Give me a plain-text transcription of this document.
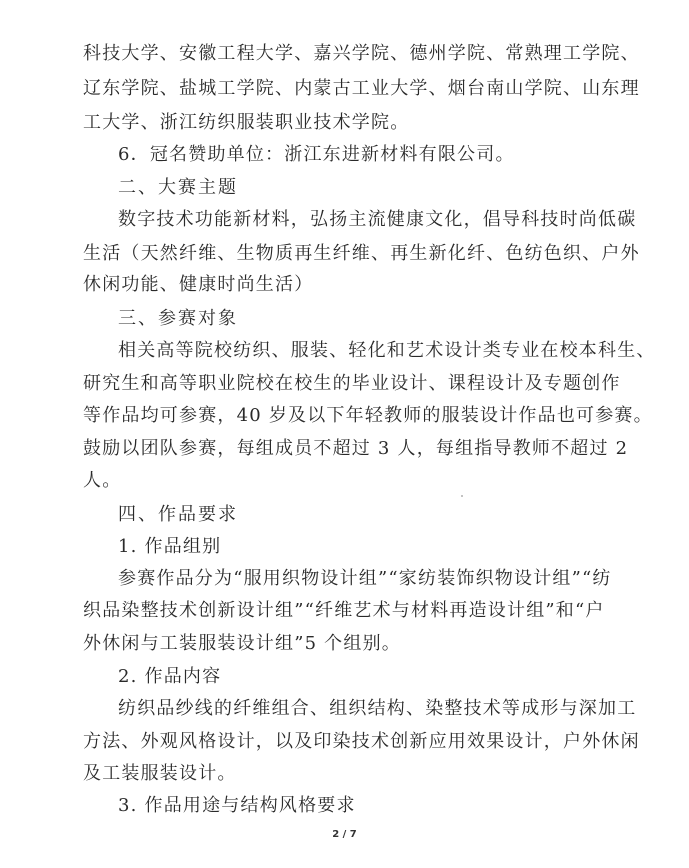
科技大学、安徽工程大学、嘉兴学院、德州学院、常熟理工学院、
辽东学院、盐城工学院、内蒙古工业大学、烟台南山学院、山东理
工大学、浙江纺织服装职业技术学院。
6．冠名赞助单位：浙江东进新材料有限公司。
二、大赛主题
数字技术功能新材料，弘扬主流健康文化，倡导科技时尚低碳
生活（天然纤维、生物质再生纤维、再生新化纤、色纺色织、户外
休闲功能、健康时尚生活）
三、参赛对象
相关高等院校纺织、服装、轻化和艺术设计类专业在校本科生、
研究生和高等职业院校在校生的毕业设计、课程设计及专题创作
等作品均可参赛，40 岁及以下年轻教师的服装设计作品也可参赛。
鼓励以团队参赛，每组成员不超过 3 人，每组指导教师不超过 2
人。
四、作品要求
1. 作品组别
参赛作品分为“服用织物设计组”“家纺装饰织物设计组”“纺
织品染整技术创新设计组”“纤维艺术与材料再造设计组”和“户
外休闲与工装服装设计组”5 个组别。
2. 作品内容
纺织品纱线的纤维组合、组织结构、染整技术等成形与深加工
方法、外观风格设计，以及印染技术创新应用效果设计，户外休闲
及工装服装设计。
3. 作品用途与结构风格要求
2 / 7
